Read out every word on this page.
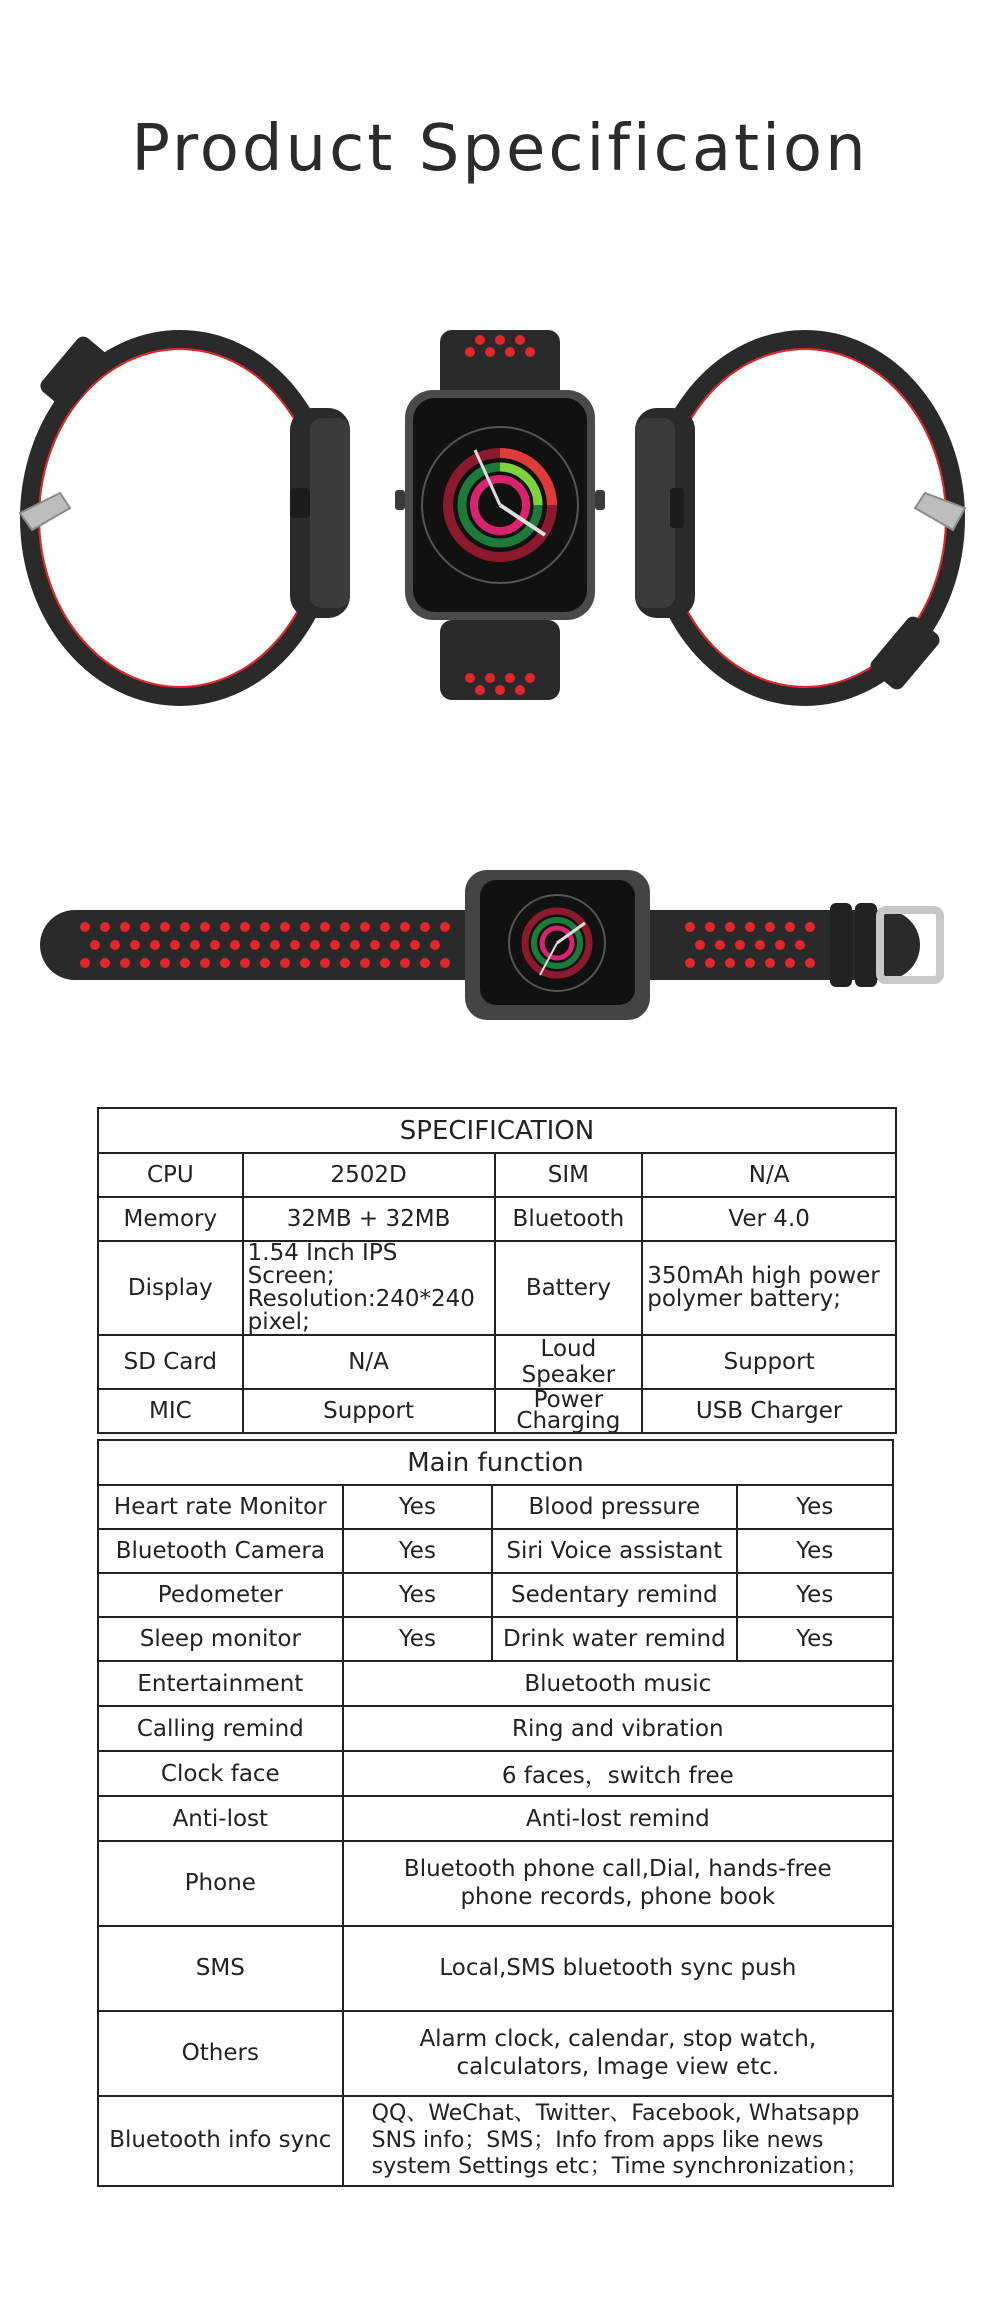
Product Specification
SPECIFICATION			
CPU	2502D	SIM	N/A
Memory	32MB + 32MB	Bluetooth	Ver 4.0
Display	1.54 Inch IPS Screen; Resolution:240*240 pixel;	Battery	350mAh high power polymer battery;
SD Card	N/A	Loud Speaker	Support
MIC	Support	Power Charging	USB Charger
Main function			
Heart rate Monitor	Yes	Blood pressure	Yes
Bluetooth Camera	Yes	Siri Voice assistant	Yes
Pedometer	Yes	Sedentary remind	Yes
Sleep monitor	Yes	Drink water remind	Yes
Entertainment	Bluetooth music		
Calling remind	Ring and vibration		
Clock face	6 faces，switch free		
Anti-lost	Anti-lost remind		
Phone	Bluetooth phone call,Dial, hands-free
phone records, phone book		

SMS	Local,SMS bluetooth sync push		
Others	Alarm clock, calendar, stop watch,
calculators, Image view etc.		

Bluetooth info sync	QQ、WeChat、Twitter、Facebook, Whatsapp
SNS info；SMS；Info from apps like news
system Settings etc；Time synchronization；		
